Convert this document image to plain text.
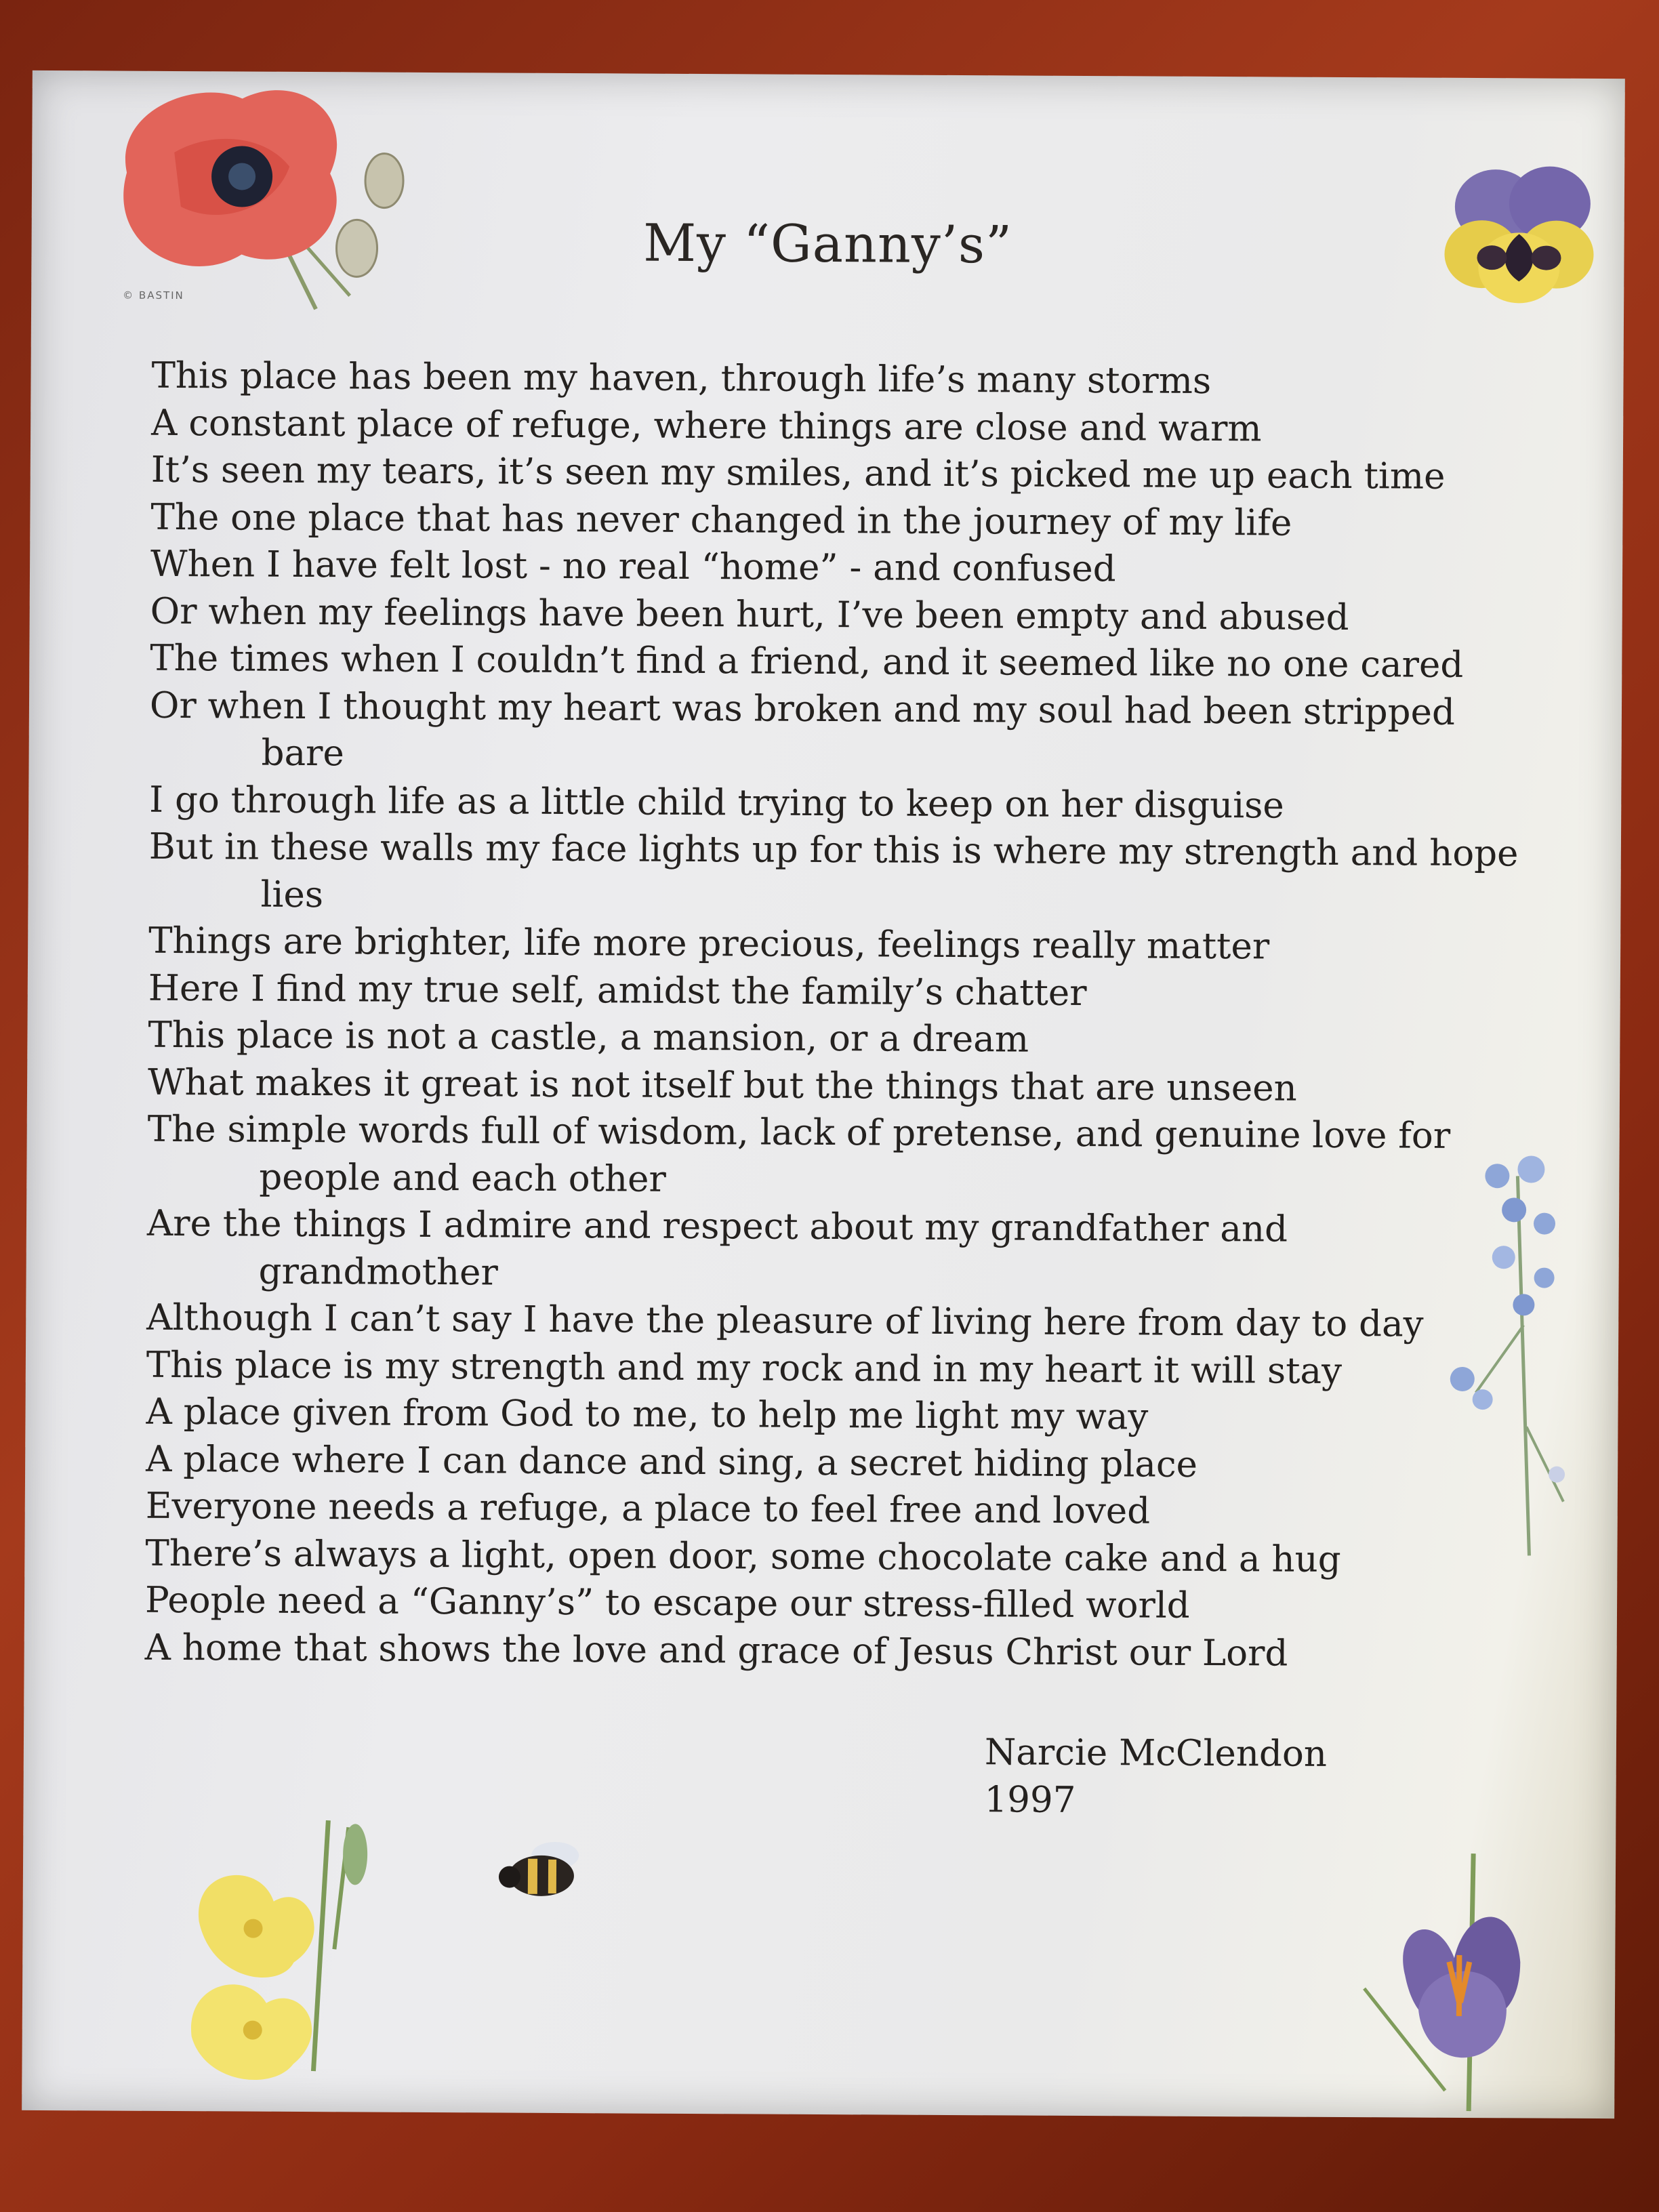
© BASTIN
My “Ganny’s”
This place has been my haven, through life’s many storms
A constant place of refuge, where things are close and warm
It’s seen my tears, it’s seen my smiles, and it’s picked me up each time
The one place that has never changed in the journey of my life
When I have felt lost - no real “home” - and confused
Or when my feelings have been hurt, I’ve been empty and abused
The times when I couldn’t find a friend, and it seemed like no one cared
Or when I thought my heart was broken and my soul had been stripped
bare
I go through life as a little child trying to keep on her disguise
But in these walls my face lights up for this is where my strength and hope
lies
Things are brighter, life more precious, feelings really matter
Here I find my true self, amidst the family’s chatter
This place is not a castle, a mansion, or a dream
What makes it great is not itself but the things that are unseen
The simple words full of wisdom, lack of pretense, and genuine love for
people and each other
Are the things I admire and respect about my grandfather and
grandmother
Although I can’t say I have the pleasure of living here from day to day
This place is my strength and my rock and in my heart it will stay
A place given from God to me, to help me light my way
A place where I can dance and sing, a secret hiding place
Everyone needs a refuge, a place to feel free and loved
There’s always a light, open door, some chocolate cake and a hug
People need a “Ganny’s” to escape our stress-filled world
A home that shows the love and grace of Jesus Christ our Lord
Narcie McClendon
1997
